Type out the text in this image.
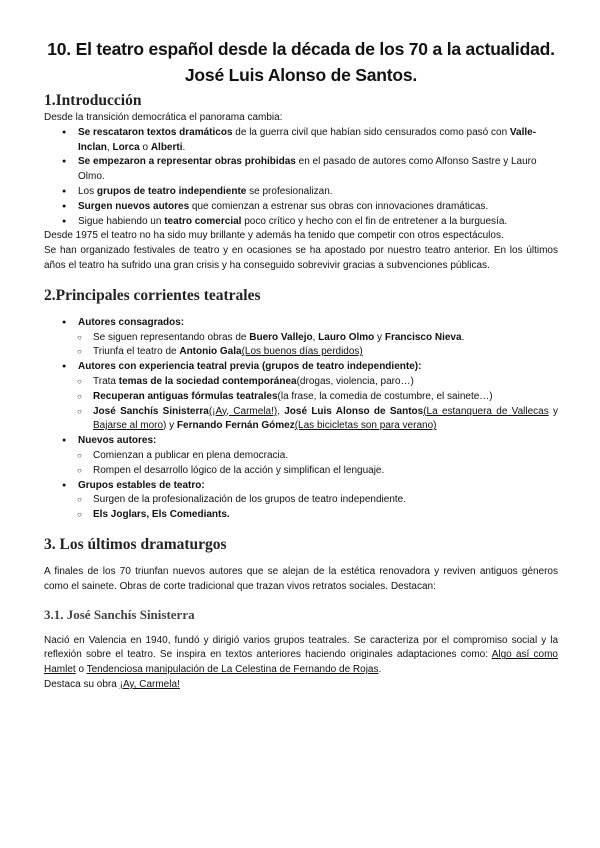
10. El teatro español desde la década de los 70 a la actualidad.
José Luis Alonso de Santos.
1.Introducción

Desde la transición democrática el panorama cambia:

● Se rescataron textos dramáticos de la guerra civil que habían sido censurados como pasó con Valle-Inclan, Lorca o Alberti.
● Se empezaron a representar obras prohibidas en el pasado de autores como Alfonso Sastre y Lauro Olmo.
● Los grupos de teatro independiente se profesionalizan.
● Surgen nuevos autores que comienzan a estrenar sus obras con innovaciones dramáticas.
● Sigue habiendo un teatro comercial poco crítico y hecho con el fin de entretener a la burguesía.

Desde 1975 el teatro no ha sido muy brillante y además ha tenido que competir con otros espectáculos.

Se han organizado festivales de teatro y en ocasiones se ha apostado por nuestro teatro anterior. En los últimos años el teatro ha sufrido una gran crisis y ha conseguido sobrevivir gracias a subvenciones públicas.

2.Principales corrientes teatrales
● Autores consagrados:
○ Se siguen representando obras de Buero Vallejo, Lauro Olmo y Francisco Nieva.
○ Triunfa el teatro de Antonio Gala(Los buenos días perdidos)
● Autores con experiencia teatral previa (grupos de teatro independiente):
○ Trata temas de la sociedad contemporánea(drogas, violencia, paro…)
○ Recuperan antiguas fórmulas teatrales(la frase, la comedia de costumbre, el sainete…)
○ José Sanchís Sinisterra(¡Ay, Carmela!), José Luis Alonso de Santos(La estanquera de Vallecas y Bajarse al moro) y Fernando Fernán Gómez(Las bicicletas son para verano)
● Nuevos autores:
○ Comienzan a publicar en plena democracia.
○ Rompen el desarrollo lógico de la acción y simplifican el lenguaje.
● Grupos estables de teatro:
○ Surgen de la profesionalización de los grupos de teatro independiente.
○ Els Joglars, Els Comediants.
3. Los últimos dramaturgos

A finales de los 70 triunfan nuevos autores que se alejan de la estética renovadora y reviven antiguos géneros como el sainete. Obras de corte tradicional que trazan vivos retratos sociales. Destacan:

3.1. José Sanchís Sinisterra

Nació en Valencia en 1940, fundó y dirigió varios grupos teatrales. Se caracteriza por el compromiso social y la reflexión sobre el teatro. Se inspira en textos anteriores haciendo originales adaptaciones como: Algo así como Hamlet o Tendenciosa manipulación de La Celestina de Fernando de Rojas.

Destaca su obra ¡Ay, Carmela!
